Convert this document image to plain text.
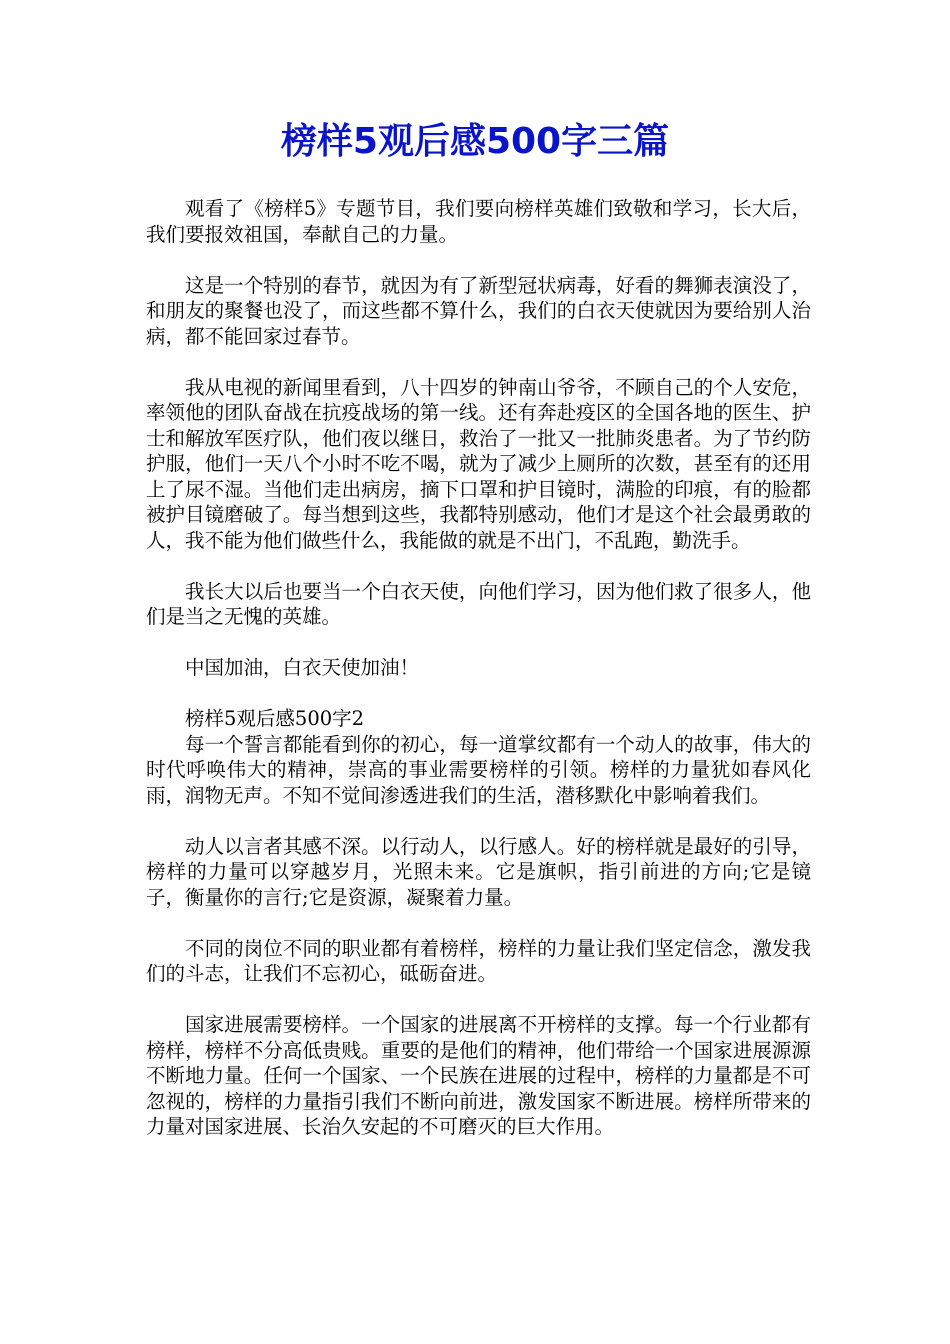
榜样5观后感500字三篇

观看了《榜样5》专题节目，我们要向榜样英雄们致敬和学习，长大后，我们要报效祖国，奉献自己的力量。

这是一个特别的春节，就因为有了新型冠状病毒，好看的舞狮表演没了，和朋友的聚餐也没了，而这些都不算什么，我们的白衣天使就因为要给别人治病，都不能回家过春节。

我从电视的新闻里看到，八十四岁的钟南山爷爷，不顾自己的个人安危，率领他的团队奋战在抗疫战场的第一线。还有奔赴疫区的全国各地的医生、护士和解放军医疗队，他们夜以继日，救治了一批又一批肺炎患者。为了节约防护服，他们一天八个小时不吃不喝，就为了减少上厕所的次数，甚至有的还用上了尿不湿。当他们走出病房，摘下口罩和护目镜时，满脸的印痕，有的脸都被护目镜磨破了。每当想到这些，我都特别感动，他们才是这个社会最勇敢的人，我不能为他们做些什么，我能做的就是不出门，不乱跑，勤洗手。

我长大以后也要当一个白衣天使，向他们学习，因为他们救了很多人，他们是当之无愧的英雄。

中国加油，白衣天使加油！

榜样5观后感500字2

每一个誓言都能看到你的初心，每一道掌纹都有一个动人的故事，伟大的时代呼唤伟大的精神，崇高的事业需要榜样的引领。榜样的力量犹如春风化雨，润物无声。不知不觉间渗透进我们的生活，潜移默化中影响着我们。

动人以言者其感不深。以行动人，以行感人。好的榜样就是最好的引导，榜样的力量可以穿越岁月，光照未来。它是旗帜，指引前进的方向;它是镜子，衡量你的言行;它是资源，凝聚着力量。

不同的岗位不同的职业都有着榜样，榜样的力量让我们坚定信念，激发我们的斗志，让我们不忘初心，砥砺奋进。

国家进展需要榜样。一个国家的进展离不开榜样的支撑。每一个行业都有榜样，榜样不分高低贵贱。重要的是他们的精神，他们带给一个国家进展源源不断地力量。任何一个国家、一个民族在进展的过程中，榜样的力量都是不可忽视的，榜样的力量指引我们不断向前进，激发国家不断进展。榜样所带来的力量对国家进展、长治久安起的不可磨灭的巨大作用。
